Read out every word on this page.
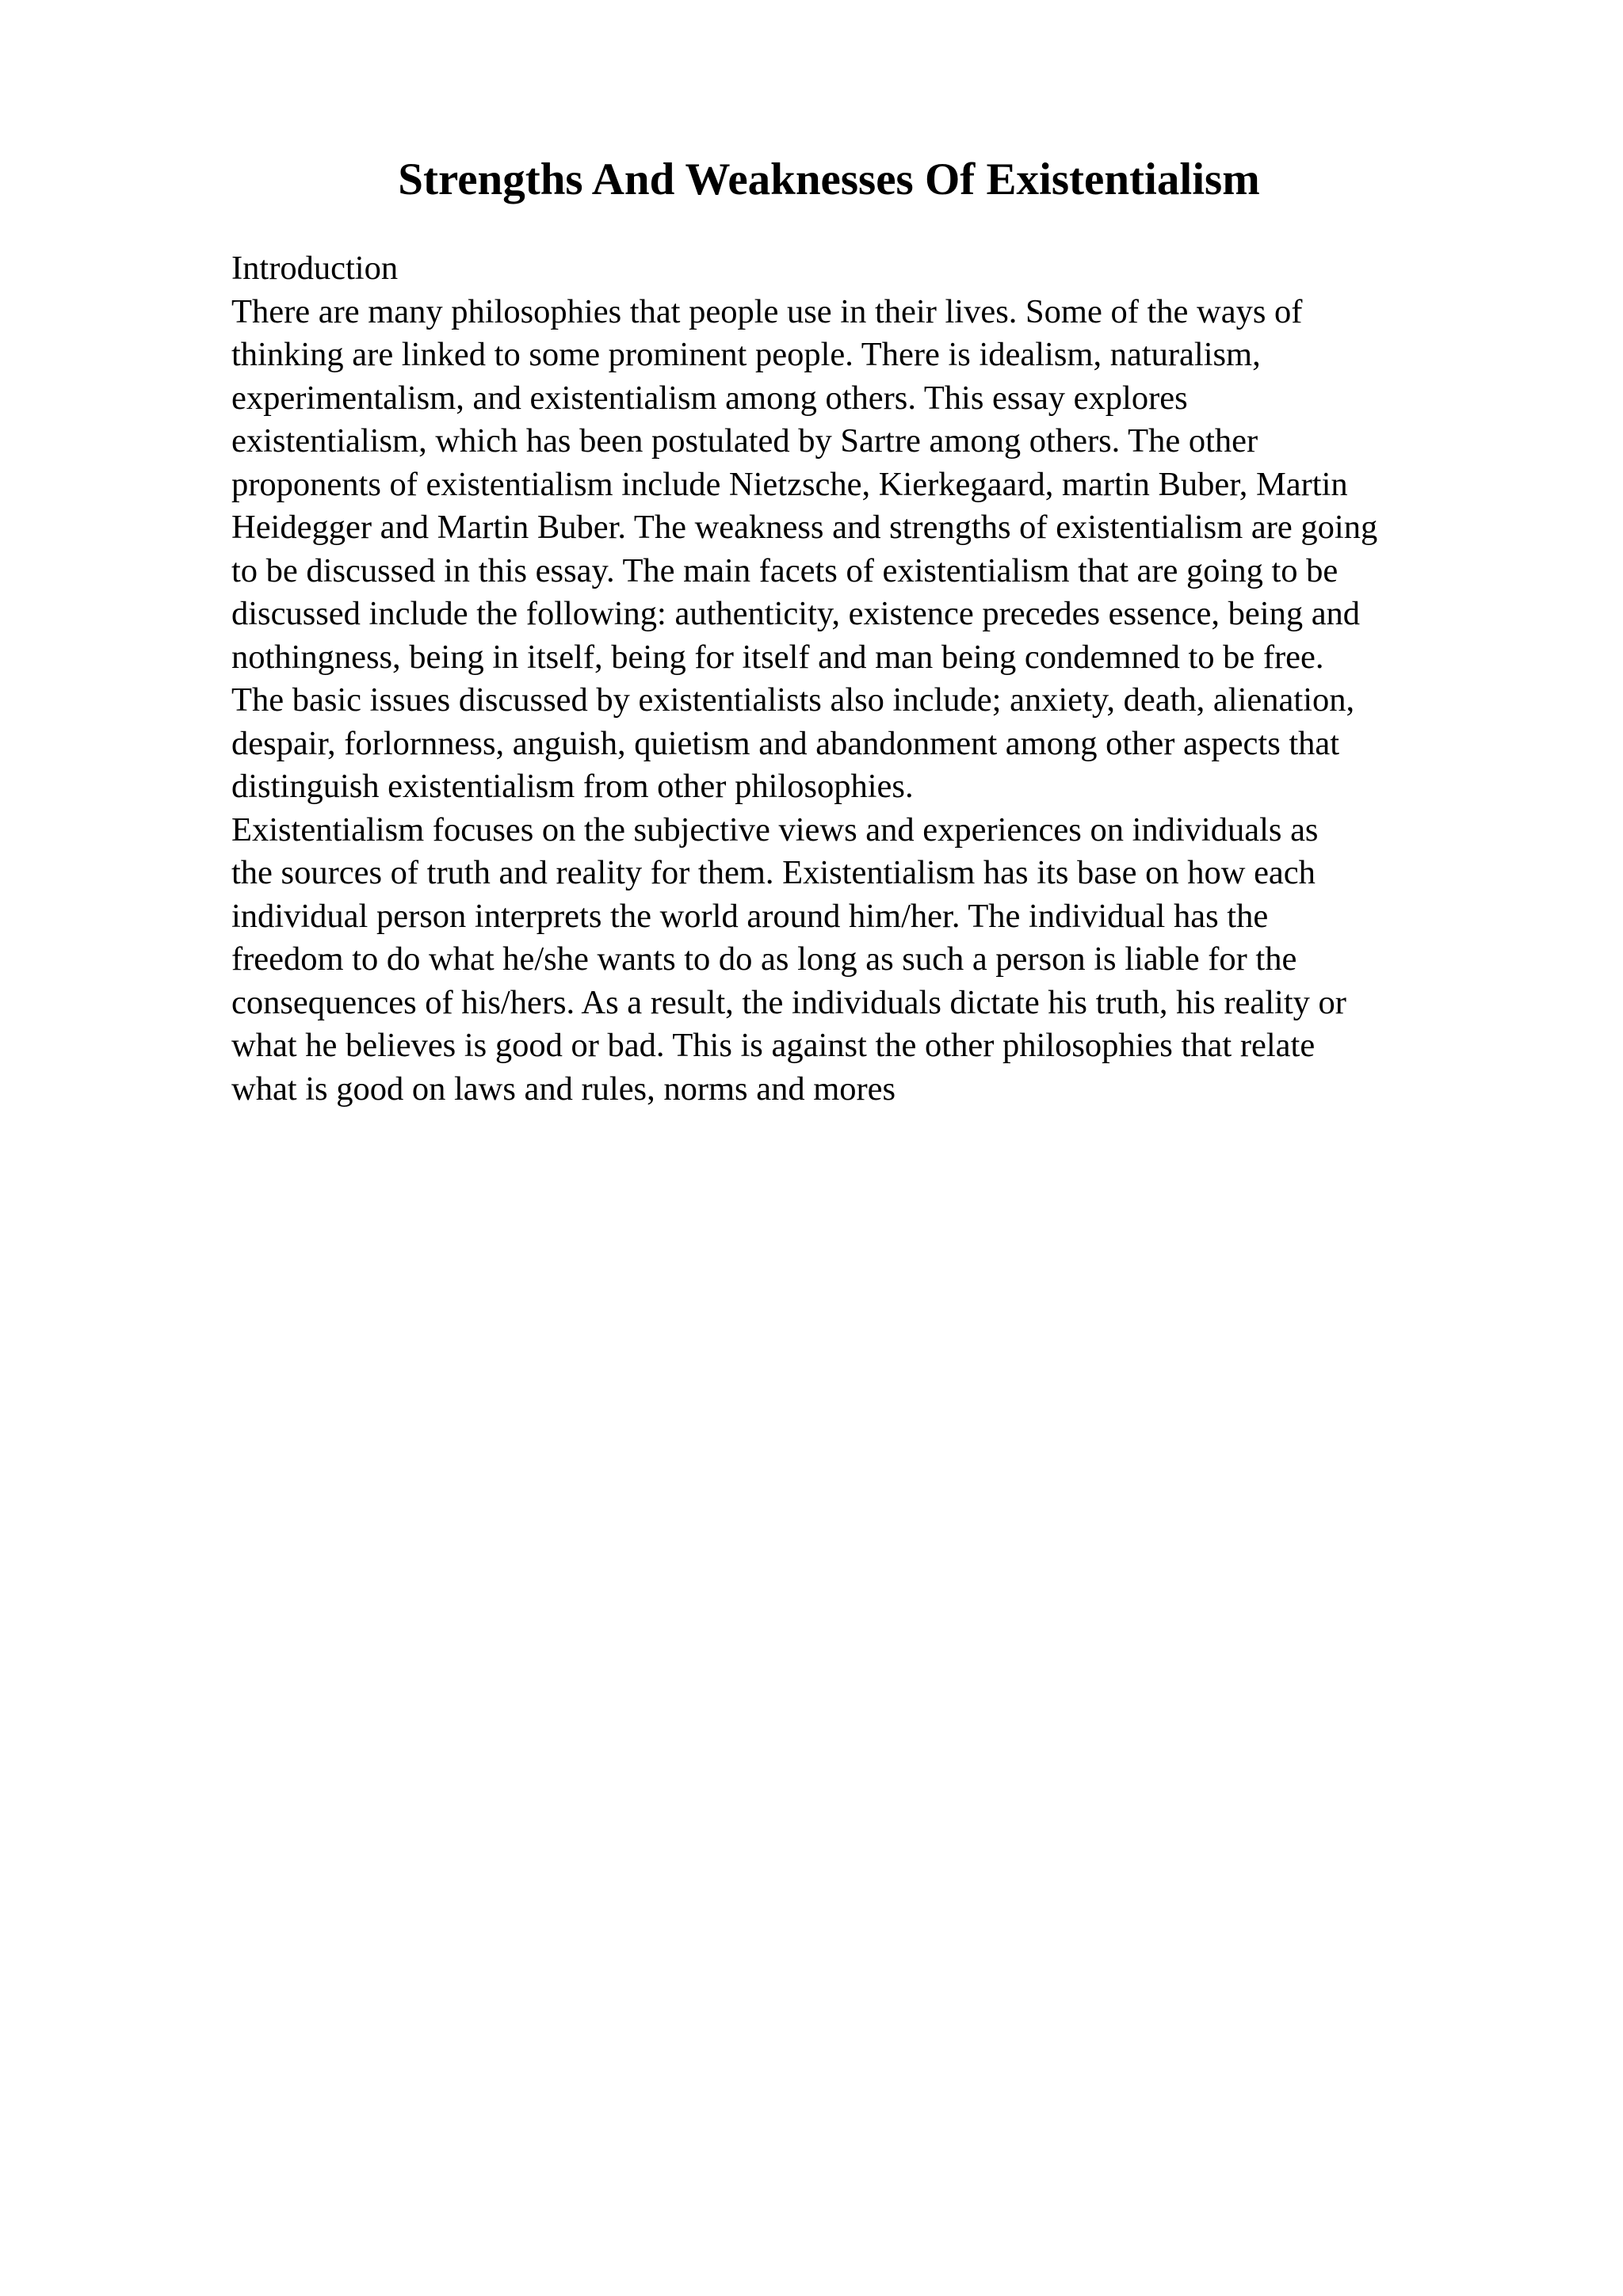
Strengths And Weaknesses Of Existentialism
Introduction
There are many philosophies that people use in their lives. Some of the ways of
thinking are linked to some prominent people. There is idealism, naturalism,
experimentalism, and existentialism among others. This essay explores
existentialism, which has been postulated by Sartre among others. The other
proponents of existentialism include Nietzsche, Kierkegaard, martin Buber, Martin
Heidegger and Martin Buber. The weakness and strengths of existentialism are going
to be discussed in this essay. The main facets of existentialism that are going to be
discussed include the following: authenticity, existence precedes essence, being and
nothingness, being in itself, being for itself and man being condemned to be free.
The basic issues discussed by existentialists also include; anxiety, death, alienation,
despair, forlornness, anguish, quietism and abandonment among other aspects that
distinguish existentialism from other philosophies.
Existentialism focuses on the subjective views and experiences on individuals as
the sources of truth and reality for them. Existentialism has its base on how each
individual person interprets the world around him/her. The individual has the
freedom to do what he/she wants to do as long as such a person is liable for the
consequences of his/hers. As a result, the individuals dictate his truth, his reality or
what he believes is good or bad. This is against the other philosophies that relate
what is good on laws and rules, norms and mores
